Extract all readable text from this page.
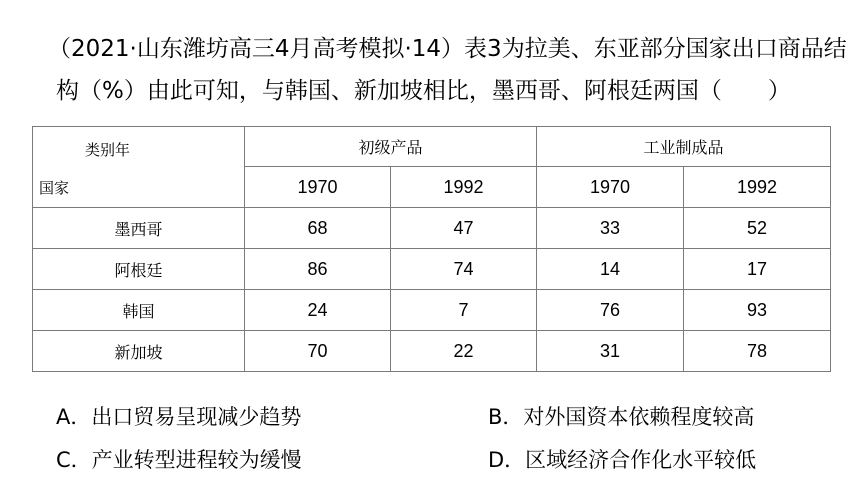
（2021·山东潍坊高三4月高考模拟·14）表3为拉美、东亚部分国家出口商品结
构（%）由此可知，与韩国、新加坡相比，墨西哥、阿根廷两国（　　）
类别年
国家	初级产品		工业制成品	
	1970	1992	1970	1992
墨西哥	68	47	33	52
阿根廷	86	74	14	17
韩国	24	7	76	93
新加坡	70	22	31	78
A．出口贸易呈现减少趋势	B．对外国资本依赖程度较高
C．产业转型进程较为缓慢	D．区域经济合作化水平较低
